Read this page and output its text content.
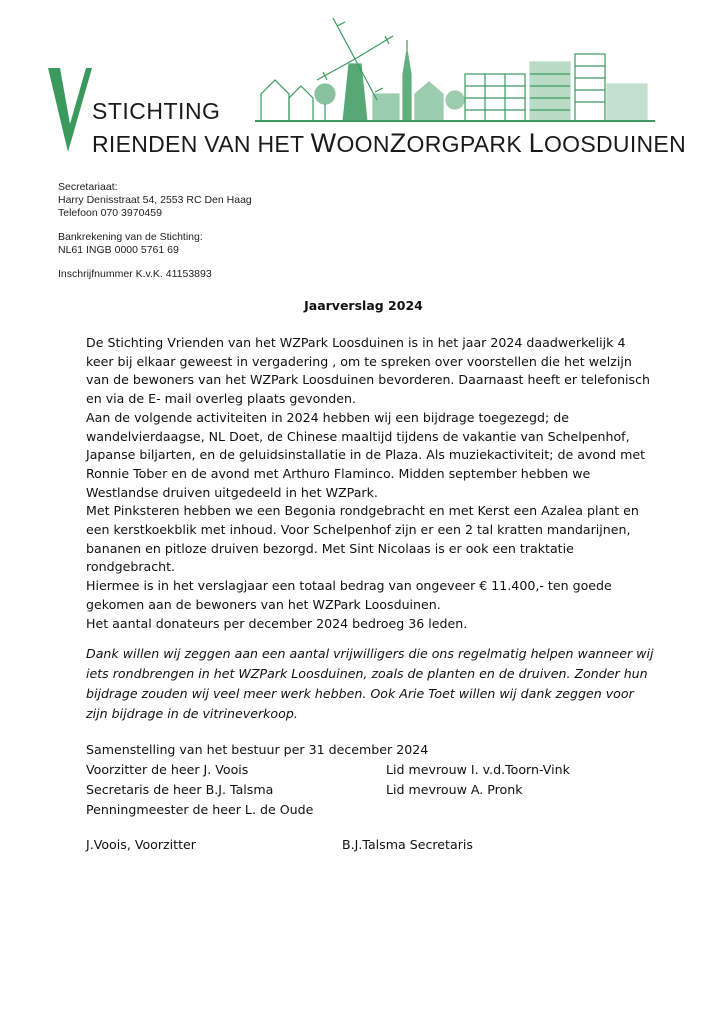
STICHTING
RIENDEN VAN HET WOONZORGPARK LOOSDUINEN
Secretariaat:
Harry Denisstraat 54, 2553 RC Den Haag
Telefoon 070 3970459
Bankrekening van de Stichting:
NL61 INGB 0000 5761 69
Inschrijfnummer K.v.K. 41153893
Jaarverslag 2024

De Stichting Vrienden van het WZPark Loosduinen is in het jaar 2024 daadwerkelijk 4 keer bij elkaar geweest in vergadering , om te spreken over voorstellen die het welzijn van de bewoners van het WZPark Loosduinen bevorderen. Daarnaast heeft er telefonisch en via de E- mail overleg plaats gevonden.

Aan de volgende activiteiten in 2024 hebben wij een bijdrage toegezegd; de wandelvierdaagse, NL Doet, de Chinese maaltijd tijdens de vakantie van Schelpenhof, Japanse biljarten, en de geluidsinstallatie in de Plaza. Als muziekactiviteit; de avond met Ronnie Tober en de avond met Arthuro Flaminco. Midden september hebben we Westlandse druiven uitgedeeld in het WZPark.

Met Pinksteren hebben we een Begonia rondgebracht en met Kerst een Azalea plant en een kerstkoekblik met inhoud. Voor Schelpenhof zijn er een 2 tal kratten mandarijnen, bananen en pitloze druiven bezorgd. Met Sint Nicolaas is er ook een traktatie rondgebracht.

Hiermee is in het verslagjaar een totaal bedrag van ongeveer € 11.400,- ten goede gekomen aan de bewoners van het WZPark Loosduinen.

Het aantal donateurs per december 2024 bedroeg 36 leden.

Dank willen wij zeggen aan een aantal vrijwilligers die ons regelmatig helpen wanneer wij iets rondbrengen in het WZPark Loosduinen, zoals de planten en de druiven. Zonder hun bijdrage zouden wij veel meer werk hebben. Ook Arie Toet willen wij dank zeggen voor zijn bijdrage in de vitrineverkoop.
Samenstelling van het bestuur per 31 december 2024
Voorzitter de heer J. Voois
Secretaris de heer B.J. Talsma
Penningmeester de heer L. de Oude
Lid mevrouw I. v.d.Toorn-Vink
Lid mevrouw A. Pronk
J.Voois, Voorzitter	B.J.Talsma Secretaris
